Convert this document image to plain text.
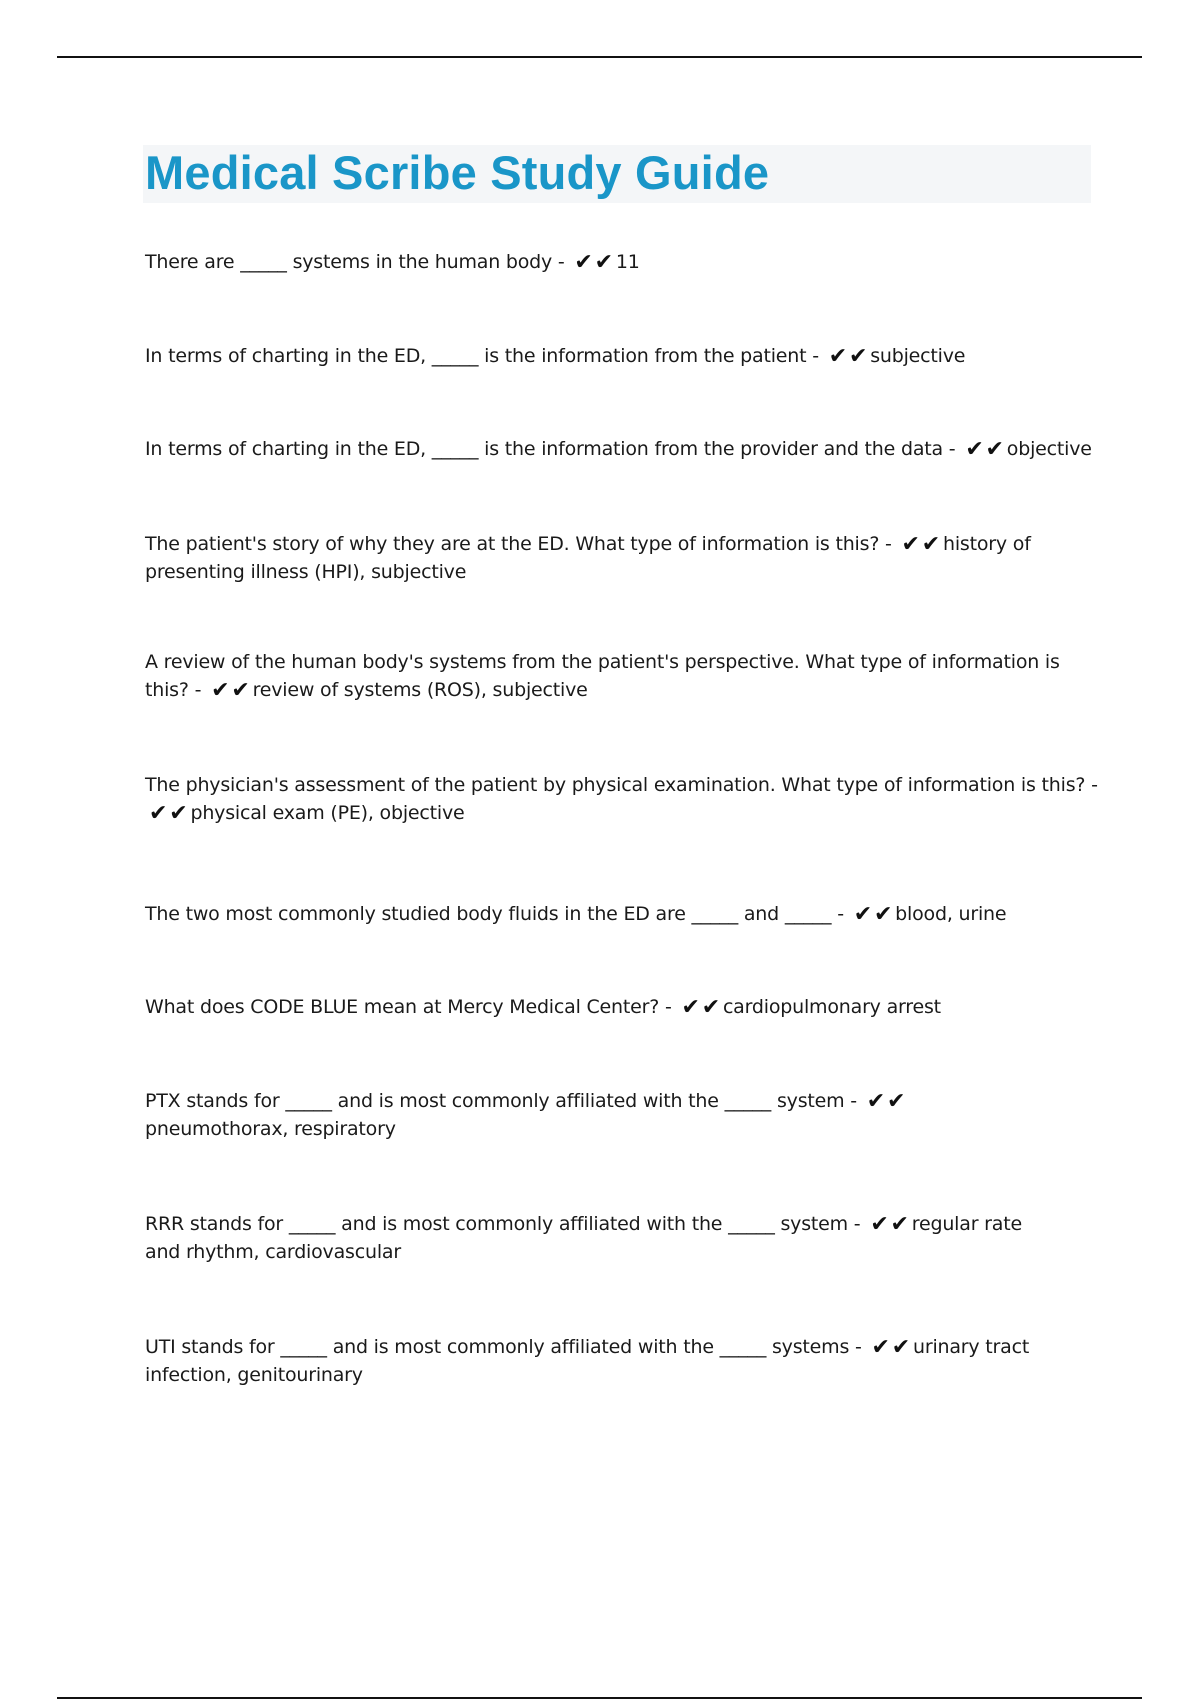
Medical Scribe Study Guide

There are _____ systems in the human body - ✔✔ 11

In terms of charting in the ED, _____ is the information from the patient - ✔✔ subjective

In terms of charting in the ED, _____ is the information from the provider and the data - ✔✔ objective

The patient's story of why they are at the ED. What type of information is this? - ✔✔ history of presenting illness (HPI), subjective

A review of the human body's systems from the patient's perspective. What type of information is this? - ✔✔ review of systems (ROS), subjective

The physician's assessment of the patient by physical examination. What type of information is this? - ✔✔ physical exam (PE), objective

The two most commonly studied body fluids in the ED are _____ and _____ - ✔✔ blood, urine

What does CODE BLUE mean at Mercy Medical Center? - ✔✔ cardiopulmonary arrest

PTX stands for _____ and is most commonly affiliated with the _____ system - ✔✔pneumothorax, respiratory

RRR stands for _____ and is most commonly affiliated with the _____ system - ✔✔ regular rate and rhythm, cardiovascular

UTI stands for _____ and is most commonly affiliated with the _____ systems - ✔✔ urinary tract infection, genitourinary
